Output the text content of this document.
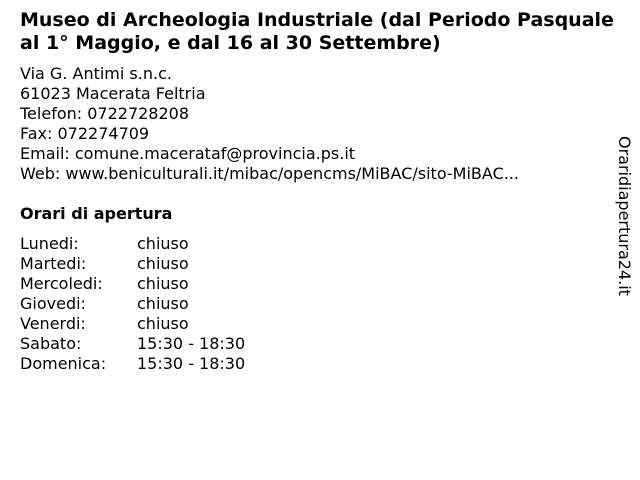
Museo di Archeologia Industriale (dal Periodo Pasquale al 1° Maggio, e dal 16 al 30 Settembre)
Via G. Antimi s.n.c.
61023 Macerata Feltria
Telefon: 0722728208
Fax: 072274709
Email: comune.macerataf@provincia.ps.it
Web: www.beniculturali.it/mibac/opencms/MiBAC/sito-MiBAC...
Orari di apertura
Lunedi:	chiuso
Martedi:	chiuso
Mercoledi:	chiuso
Giovedi:	chiuso
Venerdi:	chiuso
Sabato:	15:30 - 18:30
Domenica:	15:30 - 18:30
Oraridiapertura24.it
